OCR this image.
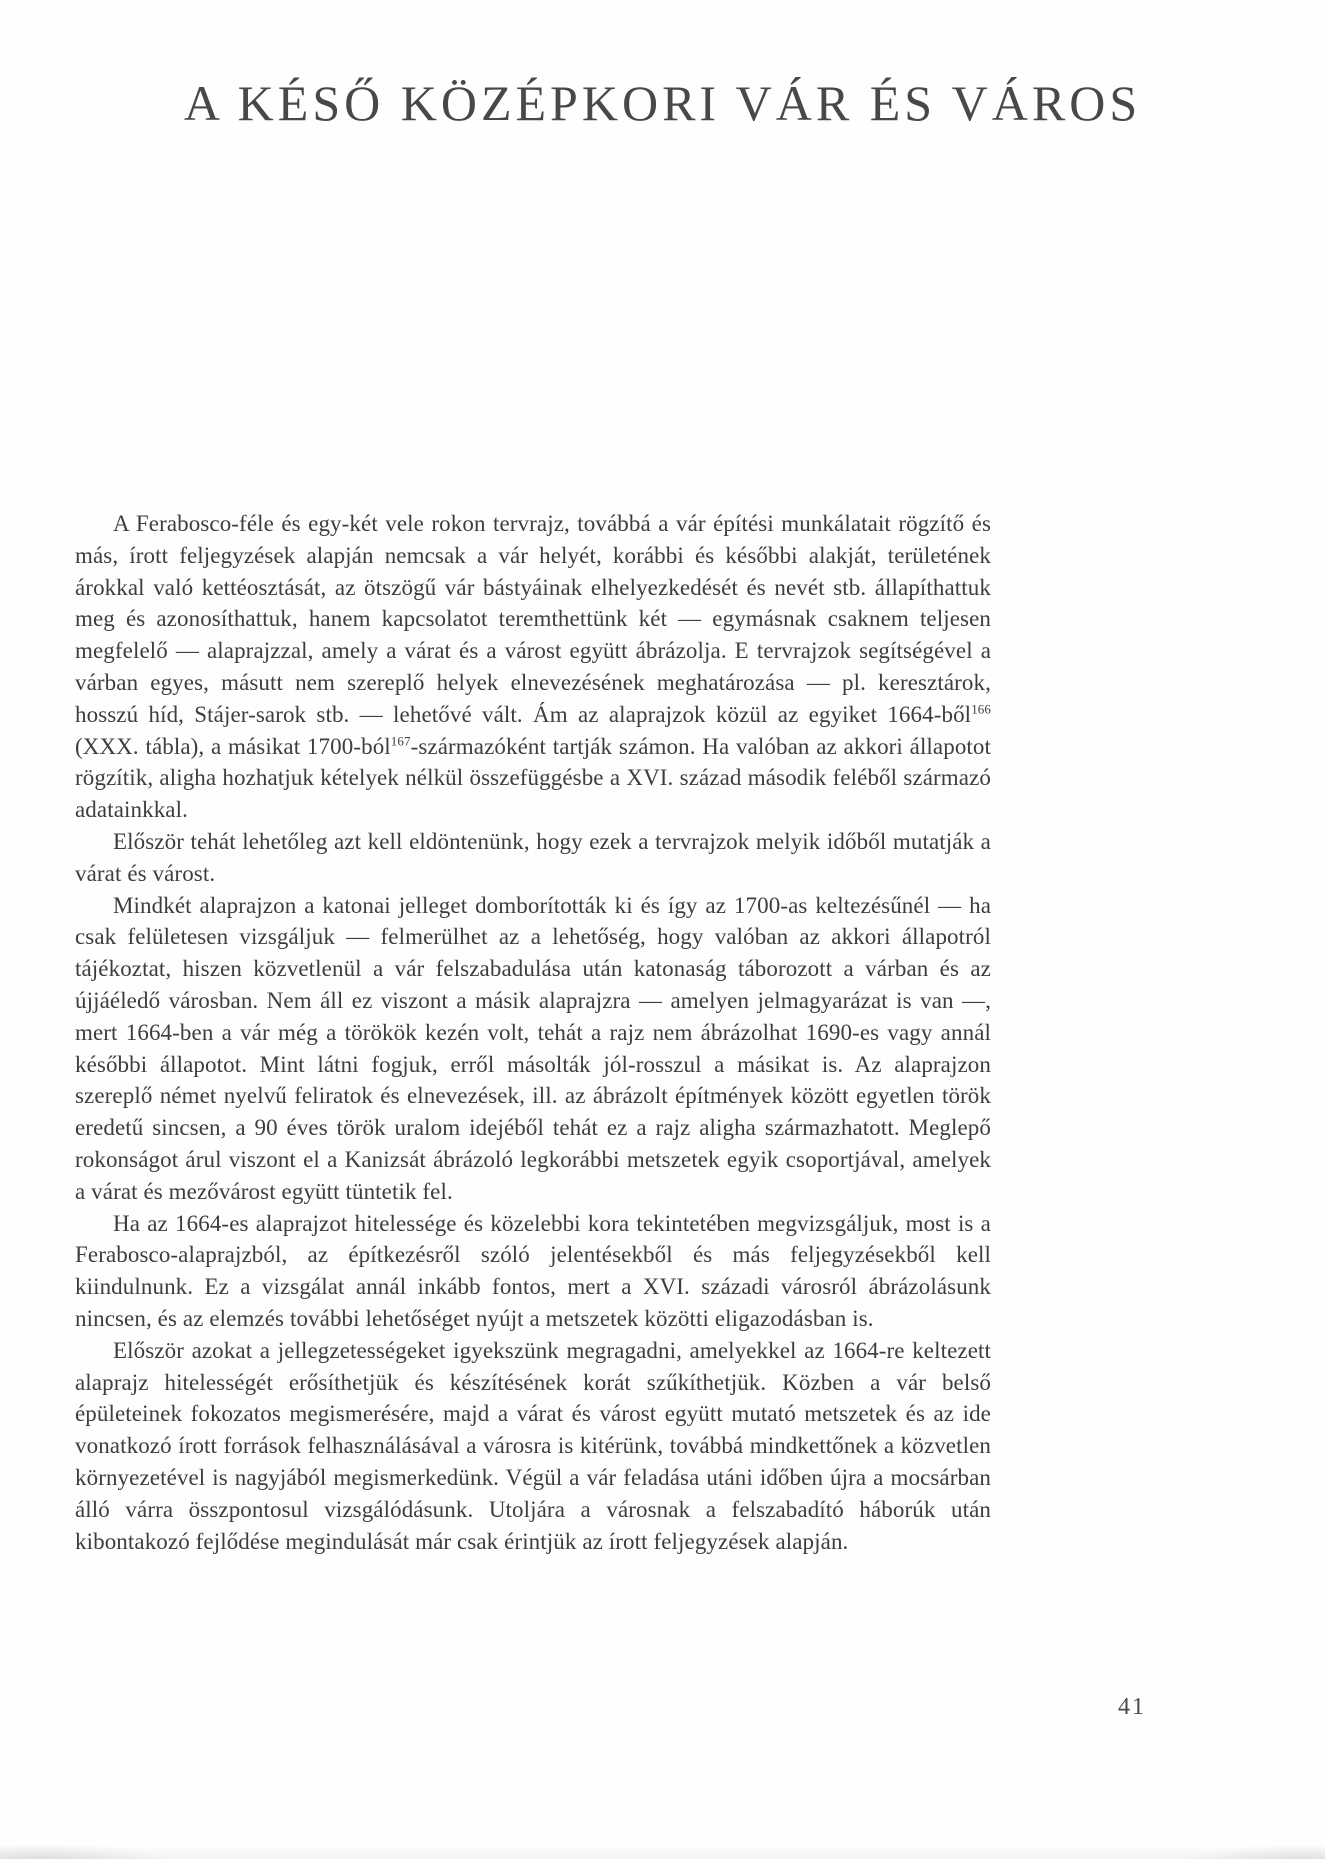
A KÉSŐ KÖZÉPKORI VÁR ÉS VÁROS

A Ferabosco-féle és egy-két vele rokon tervrajz, továbbá a vár építési munkálatait rögzítő és más, írott feljegyzések alapján nemcsak a vár helyét, korábbi és későbbi alakját, területének árokkal való kettéosztását, az ötszögű vár bástyáinak elhelyezkedését és nevét stb. állapíthattuk meg és azonosíthattuk, hanem kapcsolatot teremthettünk két — egymásnak csaknem teljesen megfelelő — alaprajzzal, amely a várat és a várost együtt ábrázolja. E tervrajzok segítségével a várban egyes, másutt nem szereplő helyek elnevezésének meghatározása — pl. keresztárok, hosszú híd, Stájer-sarok stb. — lehetővé vált. Ám az alaprajzok közül az egyiket 1664-ből$^{166}$ (XXX. tábla), a másikat 1700-ból$^{167}$-származóként tartják számon. Ha valóban az akkori állapotot rögzítik, aligha hozhatjuk kételyek nélkül összefüggésbe a XVI. század második feléből származó adatainkkal.

Először tehát lehetőleg azt kell eldöntenünk, hogy ezek a tervrajzok melyik időből mutatják a várat és várost.

Mindkét alaprajzon a katonai jelleget domborították ki és így az 1700-as keltezésűnél — ha csak felületesen vizsgáljuk — felmerülhet az a lehetőség, hogy valóban az akkori állapotról tájékoztat, hiszen közvetlenül a vár felszabadulása után katonaság táborozott a várban és az újjáéledő városban. Nem áll ez viszont a másik alaprajzra — amelyen jelmagyarázat is van —, mert 1664-ben a vár még a törökök kezén volt, tehát a rajz nem ábrázolhat 1690-es vagy annál későbbi állapotot. Mint látni fogjuk, erről másolták jól-rosszul a másikat is. Az alaprajzon szereplő német nyelvű feliratok és elnevezések, ill. az ábrázolt építmények között egyetlen török eredetű sincsen, a 90 éves török uralom idejéből tehát ez a rajz aligha származhatott. Meglepő rokonságot árul viszont el a Kanizsát ábrázoló legkorábbi metszetek egyik csoportjával, amelyek a várat és mezővárost együtt tüntetik fel.

Ha az 1664-es alaprajzot hitelessége és közelebbi kora tekintetében megvizsgáljuk, most is a Ferabosco-alaprajzból, az építkezésről szóló jelentésekből és más feljegyzésekből kell kiindulnunk. Ez a vizsgálat annál inkább fontos, mert a XVI. századi városról ábrázolásunk nincsen, és az elemzés további lehetőséget nyújt a metszetek közötti eligazodásban is.

Először azokat a jellegzetességeket igyekszünk megragadni, amelyekkel az 1664-re keltezett alaprajz hitelességét erősíthetjük és készítésének korát szűkíthetjük. Közben a vár belső épületeinek fokozatos megismerésére, majd a várat és várost együtt mutató metszetek és az ide vonatkozó írott források felhasználásával a városra is kitérünk, továbbá mindkettőnek a közvetlen környezetével is nagyjából megismerkedünk. Végül a vár feladása utáni időben újra a mocsárban álló várra összpontosul vizsgálódásunk. Utoljára a városnak a felszabadító háborúk után kibontakozó fejlődése megindulását már csak érintjük az írott feljegyzések alapján.

41
